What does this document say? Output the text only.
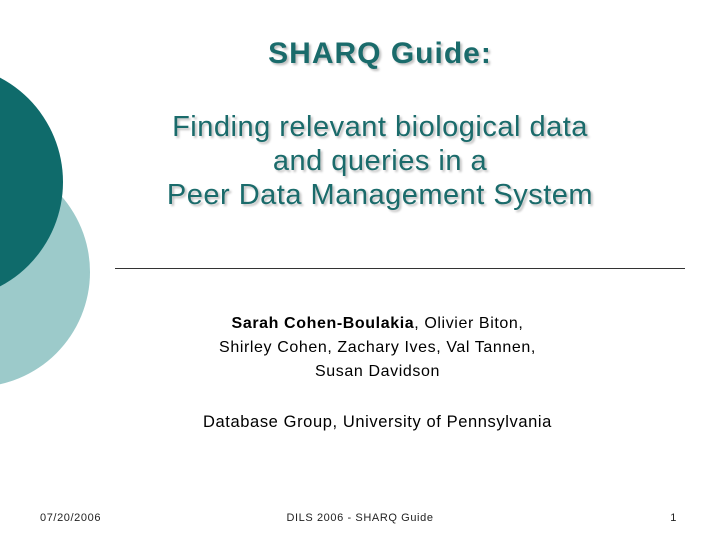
SHARQ Guide:
Finding relevant biological data
and queries in a
Peer Data Management System
Sarah Cohen-Boulakia, Olivier Biton,
Shirley Cohen, Zachary Ives, Val Tannen,
Susan Davidson
Database Group, University of Pennsylvania
07/20/2006	DILS 2006 - SHARQ Guide	1
